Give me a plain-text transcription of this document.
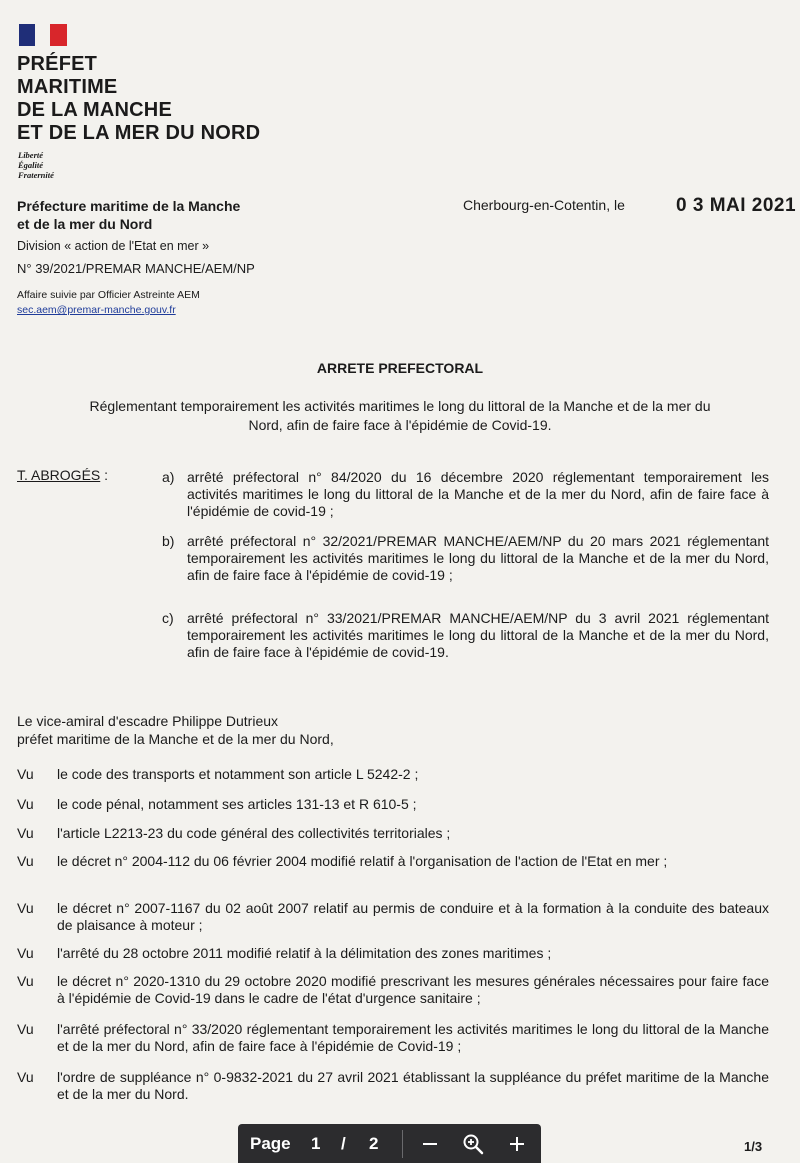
PRÉFET
MARITIME
DE LA MANCHE
ET DE LA MER DU NORD
Liberté
Égalité
Fraternité
Préfecture maritime de la Manche
et de la mer du Nord
Division « action de l'Etat en mer »
N° 39/2021/PREMAR MANCHE/AEM/NP
Affaire suivie par Officier Astreinte AEM
sec.aem@premar-manche.gouv.fr
Cherbourg-en-Cotentin, le	0 3 MAI 2021
ARRETE PREFECTORAL
Réglementant temporairement les activités maritimes le long du littoral de la Manche et de la mer du
Nord, afin de faire face à l'épidémie de Covid-19.
T. ABROGÉS :	a) arrêté préfectoral n° 84/2020 du 16 décembre 2020 réglementant temporairement les activités maritimes le long du littoral de la Manche et de la mer du Nord, afin de faire face à l'épidémie de covid-19 ;
b) arrêté préfectoral n° 32/2021/PREMAR MANCHE/AEM/NP du 20 mars 2021 réglementant temporairement les activités maritimes le long du littoral de la Manche et de la mer du Nord, afin de faire face à l'épidémie de covid-19 ;
c) arrêté préfectoral n° 33/2021/PREMAR MANCHE/AEM/NP du 3 avril 2021 réglementant temporairement les activités maritimes le long du littoral de la Manche et de la mer du Nord, afin de faire face à l'épidémie de covid-19.
Le vice-amiral d'escadre Philippe Dutrieux
préfet maritime de la Manche et de la mer du Nord,
Vu le code des transports et notamment son article L 5242-2 ;
Vu le code pénal, notamment ses articles 131-13 et R 610-5 ;
Vu l'article L2213-23 du code général des collectivités territoriales ;
Vu le décret n° 2004-112 du 06 février 2004 modifié relatif à l'organisation de l'action de l'Etat en mer ;
Vu le décret n° 2007-1167 du 02 août 2007 relatif au permis de conduire et à la formation à la conduite des bateaux de plaisance à moteur ;
Vu l'arrêté du 28 octobre 2011 modifié relatif à la délimitation des zones maritimes ;
Vu le décret n° 2020-1310 du 29 octobre 2020 modifié prescrivant les mesures générales nécessaires pour faire face à l'épidémie de Covid-19 dans le cadre de l'état d'urgence sanitaire ;
Vu l'arrêté préfectoral n° 33/2020 réglementant temporairement les activités maritimes le long du littoral de la Manche et de la mer du Nord, afin de faire face à l'épidémie de Covid-19 ;
Vu l'ordre de suppléance n° 0-9832-2021 du 27 avril 2021 établissant la suppléance du préfet maritime de la Manche et de la mer du Nord.
Page 1 / 2	1/3
